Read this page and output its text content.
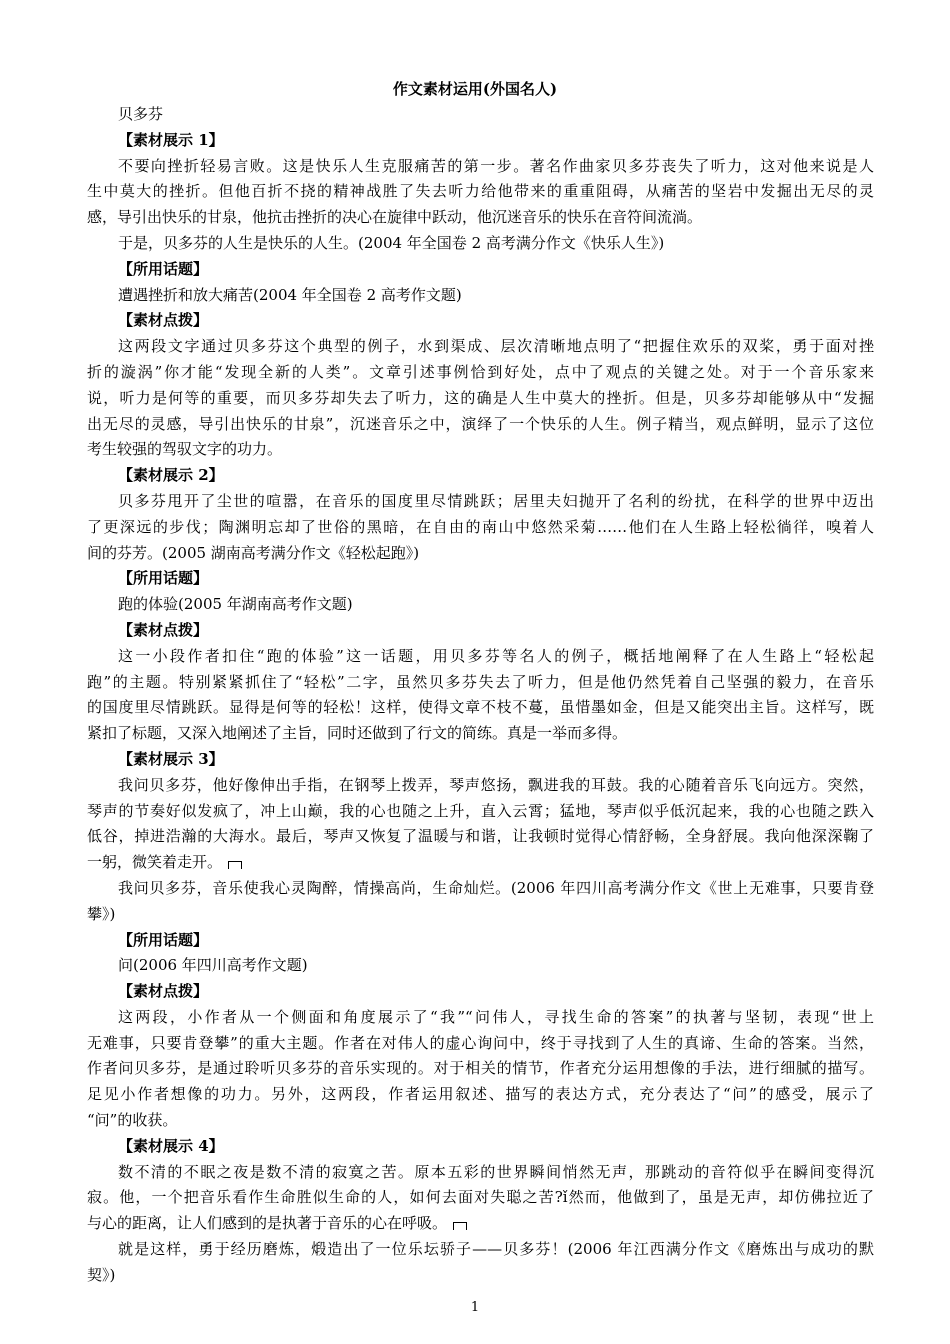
作文素材运用(外国名人)
贝多芬
【素材展示 1】
不要向挫折轻易言败。这是快乐人生克服痛苦的第一步。著名作曲家贝多芬丧失了听力，这对他来说是人
生中莫大的挫折。但他百折不挠的精神战胜了失去听力给他带来的重重阻碍，从痛苦的坚岩中发掘出无尽的灵
感，导引出快乐的甘泉，他抗击挫折的决心在旋律中跃动，他沉迷音乐的快乐在音符间流淌。
于是，贝多芬的人生是快乐的人生。(2004 年全国卷 2 高考满分作文《快乐人生》)
【所用话题】
遭遇挫折和放大痛苦(2004 年全国卷 2 高考作文题)
【素材点拨】
这两段文字通过贝多芬这个典型的例子，水到渠成、层次清晰地点明了“把握住欢乐的双桨，勇于面对挫
折的漩涡”你才能“发现全新的人类”。文章引述事例恰到好处，点中了观点的关键之处。对于一个音乐家来
说，听力是何等的重要，而贝多芬却失去了听力，这的确是人生中莫大的挫折。但是，贝多芬却能够从中“发掘
出无尽的灵感，导引出快乐的甘泉”，沉迷音乐之中，演绎了一个快乐的人生。例子精当，观点鲜明，显示了这位
考生较强的驾驭文字的功力。
【素材展示 2】
贝多芬甩开了尘世的喧嚣，在音乐的国度里尽情跳跃；居里夫妇抛开了名利的纷扰，在科学的世界中迈出
了更深远的步伐；陶渊明忘却了世俗的黑暗，在自由的南山中悠然采菊……他们在人生路上轻松徜徉，嗅着人
间的芬芳。(2005 湖南高考满分作文《轻松起跑》)
【所用话题】
跑的体验(2005 年湖南高考作文题)
【素材点拨】
这一小段作者扣住“跑的体验”这一话题，用贝多芬等名人的例子，概括地阐释了在人生路上“轻松起
跑”的主题。特别紧紧抓住了“轻松”二字，虽然贝多芬失去了听力，但是他仍然凭着自己坚强的毅力，在音乐
的国度里尽情跳跃。显得是何等的轻松！这样，使得文章不枝不蔓，虽惜墨如金，但是又能突出主旨。这样写，既
紧扣了标题，又深入地阐述了主旨，同时还做到了行文的简练。真是一举而多得。
【素材展示 3】
我问贝多芬，他好像伸出手指，在钢琴上拨弄，琴声悠扬，飘进我的耳鼓。我的心随着音乐飞向远方。突然，
琴声的节奏好似发疯了，冲上山巅，我的心也随之上升，直入云霄；猛地，琴声似乎低沉起来，我的心也随之跌入
低谷，掉进浩瀚的大海水。最后，琴声又恢复了温暖与和谐，让我顿时觉得心情舒畅，全身舒展。我向他深深鞠了
一躬，微笑着走开。
我问贝多芬，音乐使我心灵陶醉，情操高尚，生命灿烂。(2006 年四川高考满分作文《世上无难事，只要肯登
攀》)
【所用话题】
问(2006 年四川高考作文题)
【素材点拨】
这两段，小作者从一个侧面和角度展示了“我”“问伟人，寻找生命的答案”的执著与坚韧，表现“世上
无难事，只要肯登攀”的重大主题。作者在对伟人的虚心询问中，终于寻找到了人生的真谛、生命的答案。当然，
作者问贝多芬，是通过聆听贝多芬的音乐实现的。对于相关的情节，作者充分运用想像的手法，进行细腻的描写。
足见小作者想像的功力。另外，这两段，作者运用叙述、描写的表达方式，充分表达了“问”的感受，展示了
“问”的收获。
【素材展示 4】
数不清的不眠之夜是数不清的寂寞之苦。原本五彩的世界瞬间悄然无声，那跳动的音符似乎在瞬间变得沉
寂。他，一个把音乐看作生命胜似生命的人，如何去面对失聪之苦?ǐ然而，他做到了，虽是无声，却仿佛拉近了
与心的距离，让人们感到的是执著于音乐的心在呼吸。
就是这样，勇于经历磨炼，煅造出了一位乐坛骄子——贝多芬！(2006 年江西满分作文《磨炼出与成功的默
契》)
1
